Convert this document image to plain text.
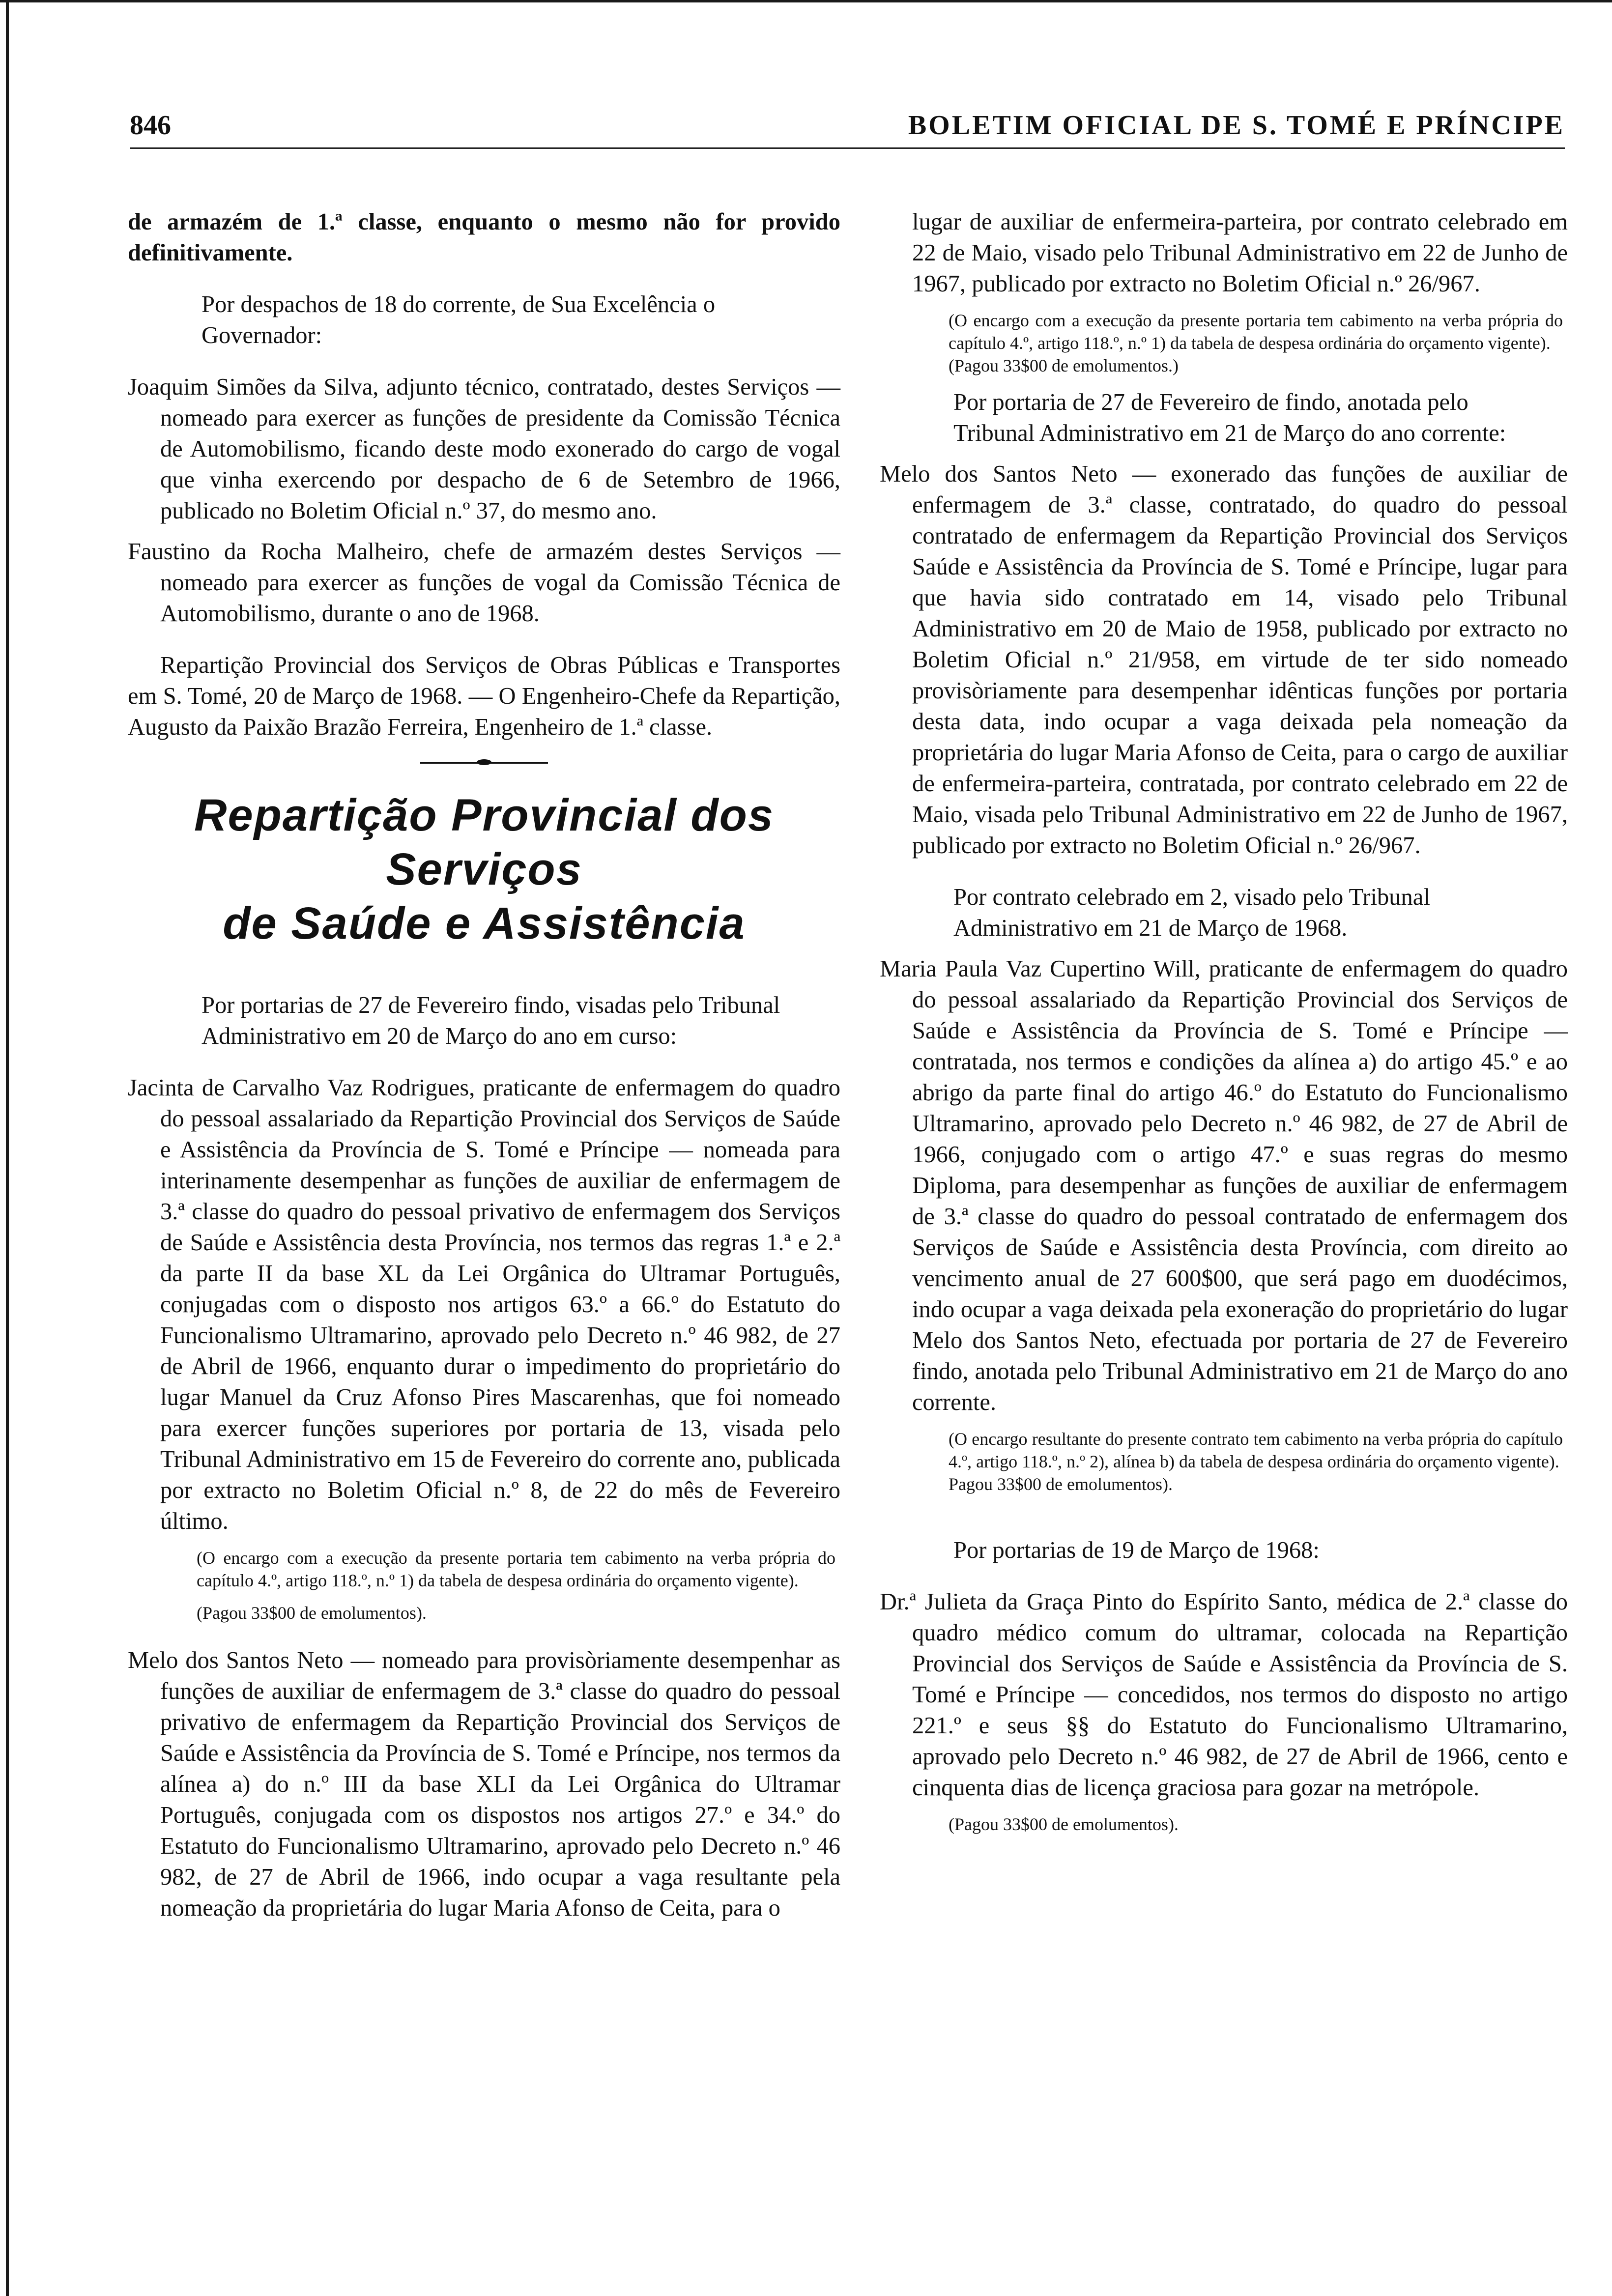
846	BOLETIM OFICIAL DE S. TOMÉ E PRÍNCIPE

de armazém de 1.ª classe, enquanto o mesmo não for provido definitivamente.

Por despachos de 18 do corrente, de Sua Excelência o Governador:

Joaquim Simões da Silva, adjunto técnico, contratado, destes Serviços — nomeado para exercer as funções de presidente da Comissão Técnica de Automobilismo, ficando deste modo exonerado do cargo de vogal que vinha exercendo por despacho de 6 de Setembro de 1966, publicado no Boletim Oficial n.º 37, do mesmo ano.

Faustino da Rocha Malheiro, chefe de armazém destes Serviços — nomeado para exercer as funções de vogal da Comissão Técnica de Automobilismo, durante o ano de 1968.

Repartição Provincial dos Serviços de Obras Públicas e Transportes em S. Tomé, 20 de Março de 1968. — O Engenheiro-Chefe da Repartição, Augusto da Paixão Brazão Ferreira, Engenheiro de 1.ª classe.

Repartição Provincial dos Serviços
de Saúde e Assistência

Por portarias de 27 de Fevereiro findo, visadas pelo Tribunal Administrativo em 20 de Março do ano em curso:

Jacinta de Carvalho Vaz Rodrigues, praticante de enfermagem do quadro do pessoal assalariado da Repartição Provincial dos Serviços de Saúde e Assistência da Província de S. Tomé e Príncipe — nomeada para interinamente desempenhar as funções de auxiliar de enfermagem de 3.ª classe do quadro do pessoal privativo de enfermagem dos Serviços de Saúde e Assistência desta Província, nos termos das regras 1.ª e 2.ª da parte II da base XL da Lei Orgânica do Ultramar Português, conjugadas com o disposto nos artigos 63.º a 66.º do Estatuto do Funcionalismo Ultramarino, aprovado pelo Decreto n.º 46 982, de 27 de Abril de 1966, enquanto durar o impedimento do proprietário do lugar Manuel da Cruz Afonso Pires Mascarenhas, que foi nomeado para exercer funções superiores por portaria de 13, visada pelo Tribunal Administrativo em 15 de Fevereiro do corrente ano, publicada por extracto no Boletim Oficial n.º 8, de 22 do mês de Fevereiro último.

(O encargo com a execução da presente portaria tem cabimento na verba própria do capítulo 4.º, artigo 118.º, n.º 1) da tabela de despesa ordinária do orçamento vigente).

(Pagou 33$00 de emolumentos).

Melo dos Santos Neto — nomeado para provisòriamente desempenhar as funções de auxiliar de enfermagem de 3.ª classe do quadro do pessoal privativo de enfermagem da Repartição Provincial dos Serviços de Saúde e Assistência da Província de S. Tomé e Príncipe, nos termos da alínea a) do n.º III da base XLI da Lei Orgânica do Ultramar Português, conjugada com os dispostos nos artigos 27.º e 34.º do Estatuto do Funcionalismo Ultramarino, aprovado pelo Decreto n.º 46 982, de 27 de Abril de 1966, indo ocupar a vaga resultante pela nomeação da proprietária do lugar Maria Afonso de Ceita, para o

lugar de auxiliar de enfermeira-parteira, por contrato celebrado em 22 de Maio, visado pelo Tribunal Administrativo em 22 de Junho de 1967, publicado por extracto no Boletim Oficial n.º 26/967.

(O encargo com a execução da presente portaria tem cabimento na verba própria do capítulo 4.º, artigo 118.º, n.º 1) da tabela de despesa ordinária do orçamento vigente).

(Pagou 33$00 de emolumentos.)

Por portaria de 27 de Fevereiro de findo, anotada pelo Tribunal Administrativo em 21 de Março do ano corrente:

Melo dos Santos Neto — exonerado das funções de auxiliar de enfermagem de 3.ª classe, contratado, do quadro do pessoal contratado de enfermagem da Repartição Provincial dos Serviços Saúde e Assistência da Província de S. Tomé e Príncipe, lugar para que havia sido contratado em 14, visado pelo Tribunal Administrativo em 20 de Maio de 1958, publicado por extracto no Boletim Oficial n.º 21/958, em virtude de ter sido nomeado provisòriamente para desempenhar idênticas funções por portaria desta data, indo ocupar a vaga deixada pela nomeação da proprietária do lugar Maria Afonso de Ceita, para o cargo de auxiliar de enfermeira-parteira, contratada, por contrato celebrado em 22 de Maio, visada pelo Tribunal Administrativo em 22 de Junho de 1967, publicado por extracto no Boletim Oficial n.º 26/967.

Por contrato celebrado em 2, visado pelo Tribunal Administrativo em 21 de Março de 1968.

Maria Paula Vaz Cupertino Will, praticante de enfermagem do quadro do pessoal assalariado da Repartição Provincial dos Serviços de Saúde e Assistência da Província de S. Tomé e Príncipe — contratada, nos termos e condições da alínea a) do artigo 45.º e ao abrigo da parte final do artigo 46.º do Estatuto do Funcionalismo Ultramarino, aprovado pelo Decreto n.º 46 982, de 27 de Abril de 1966, conjugado com o artigo 47.º e suas regras do mesmo Diploma, para desempenhar as funções de auxiliar de enfermagem de 3.ª classe do quadro do pessoal contratado de enfermagem dos Serviços de Saúde e Assistência desta Província, com direito ao vencimento anual de 27 600$00, que será pago em duodécimos, indo ocupar a vaga deixada pela exoneração do proprietário do lugar Melo dos Santos Neto, efectuada por portaria de 27 de Fevereiro findo, anotada pelo Tribunal Administrativo em 21 de Março do ano corrente.

(O encargo resultante do presente contrato tem cabimento na verba própria do capítulo 4.º, artigo 118.º, n.º 2), alínea b) da tabela de despesa ordinária do orçamento vigente).

Pagou 33$00 de emolumentos).

Por portarias de 19 de Março de 1968:

Dr.ª Julieta da Graça Pinto do Espírito Santo, médica de 2.ª classe do quadro médico comum do ultramar, colocada na Repartição Provincial dos Serviços de Saúde e Assistência da Província de S. Tomé e Príncipe — concedidos, nos termos do disposto no artigo 221.º e seus §§ do Estatuto do Funcionalismo Ultramarino, aprovado pelo Decreto n.º 46 982, de 27 de Abril de 1966, cento e cinquenta dias de licença graciosa para gozar na metrópole.

(Pagou 33$00 de emolumentos).
